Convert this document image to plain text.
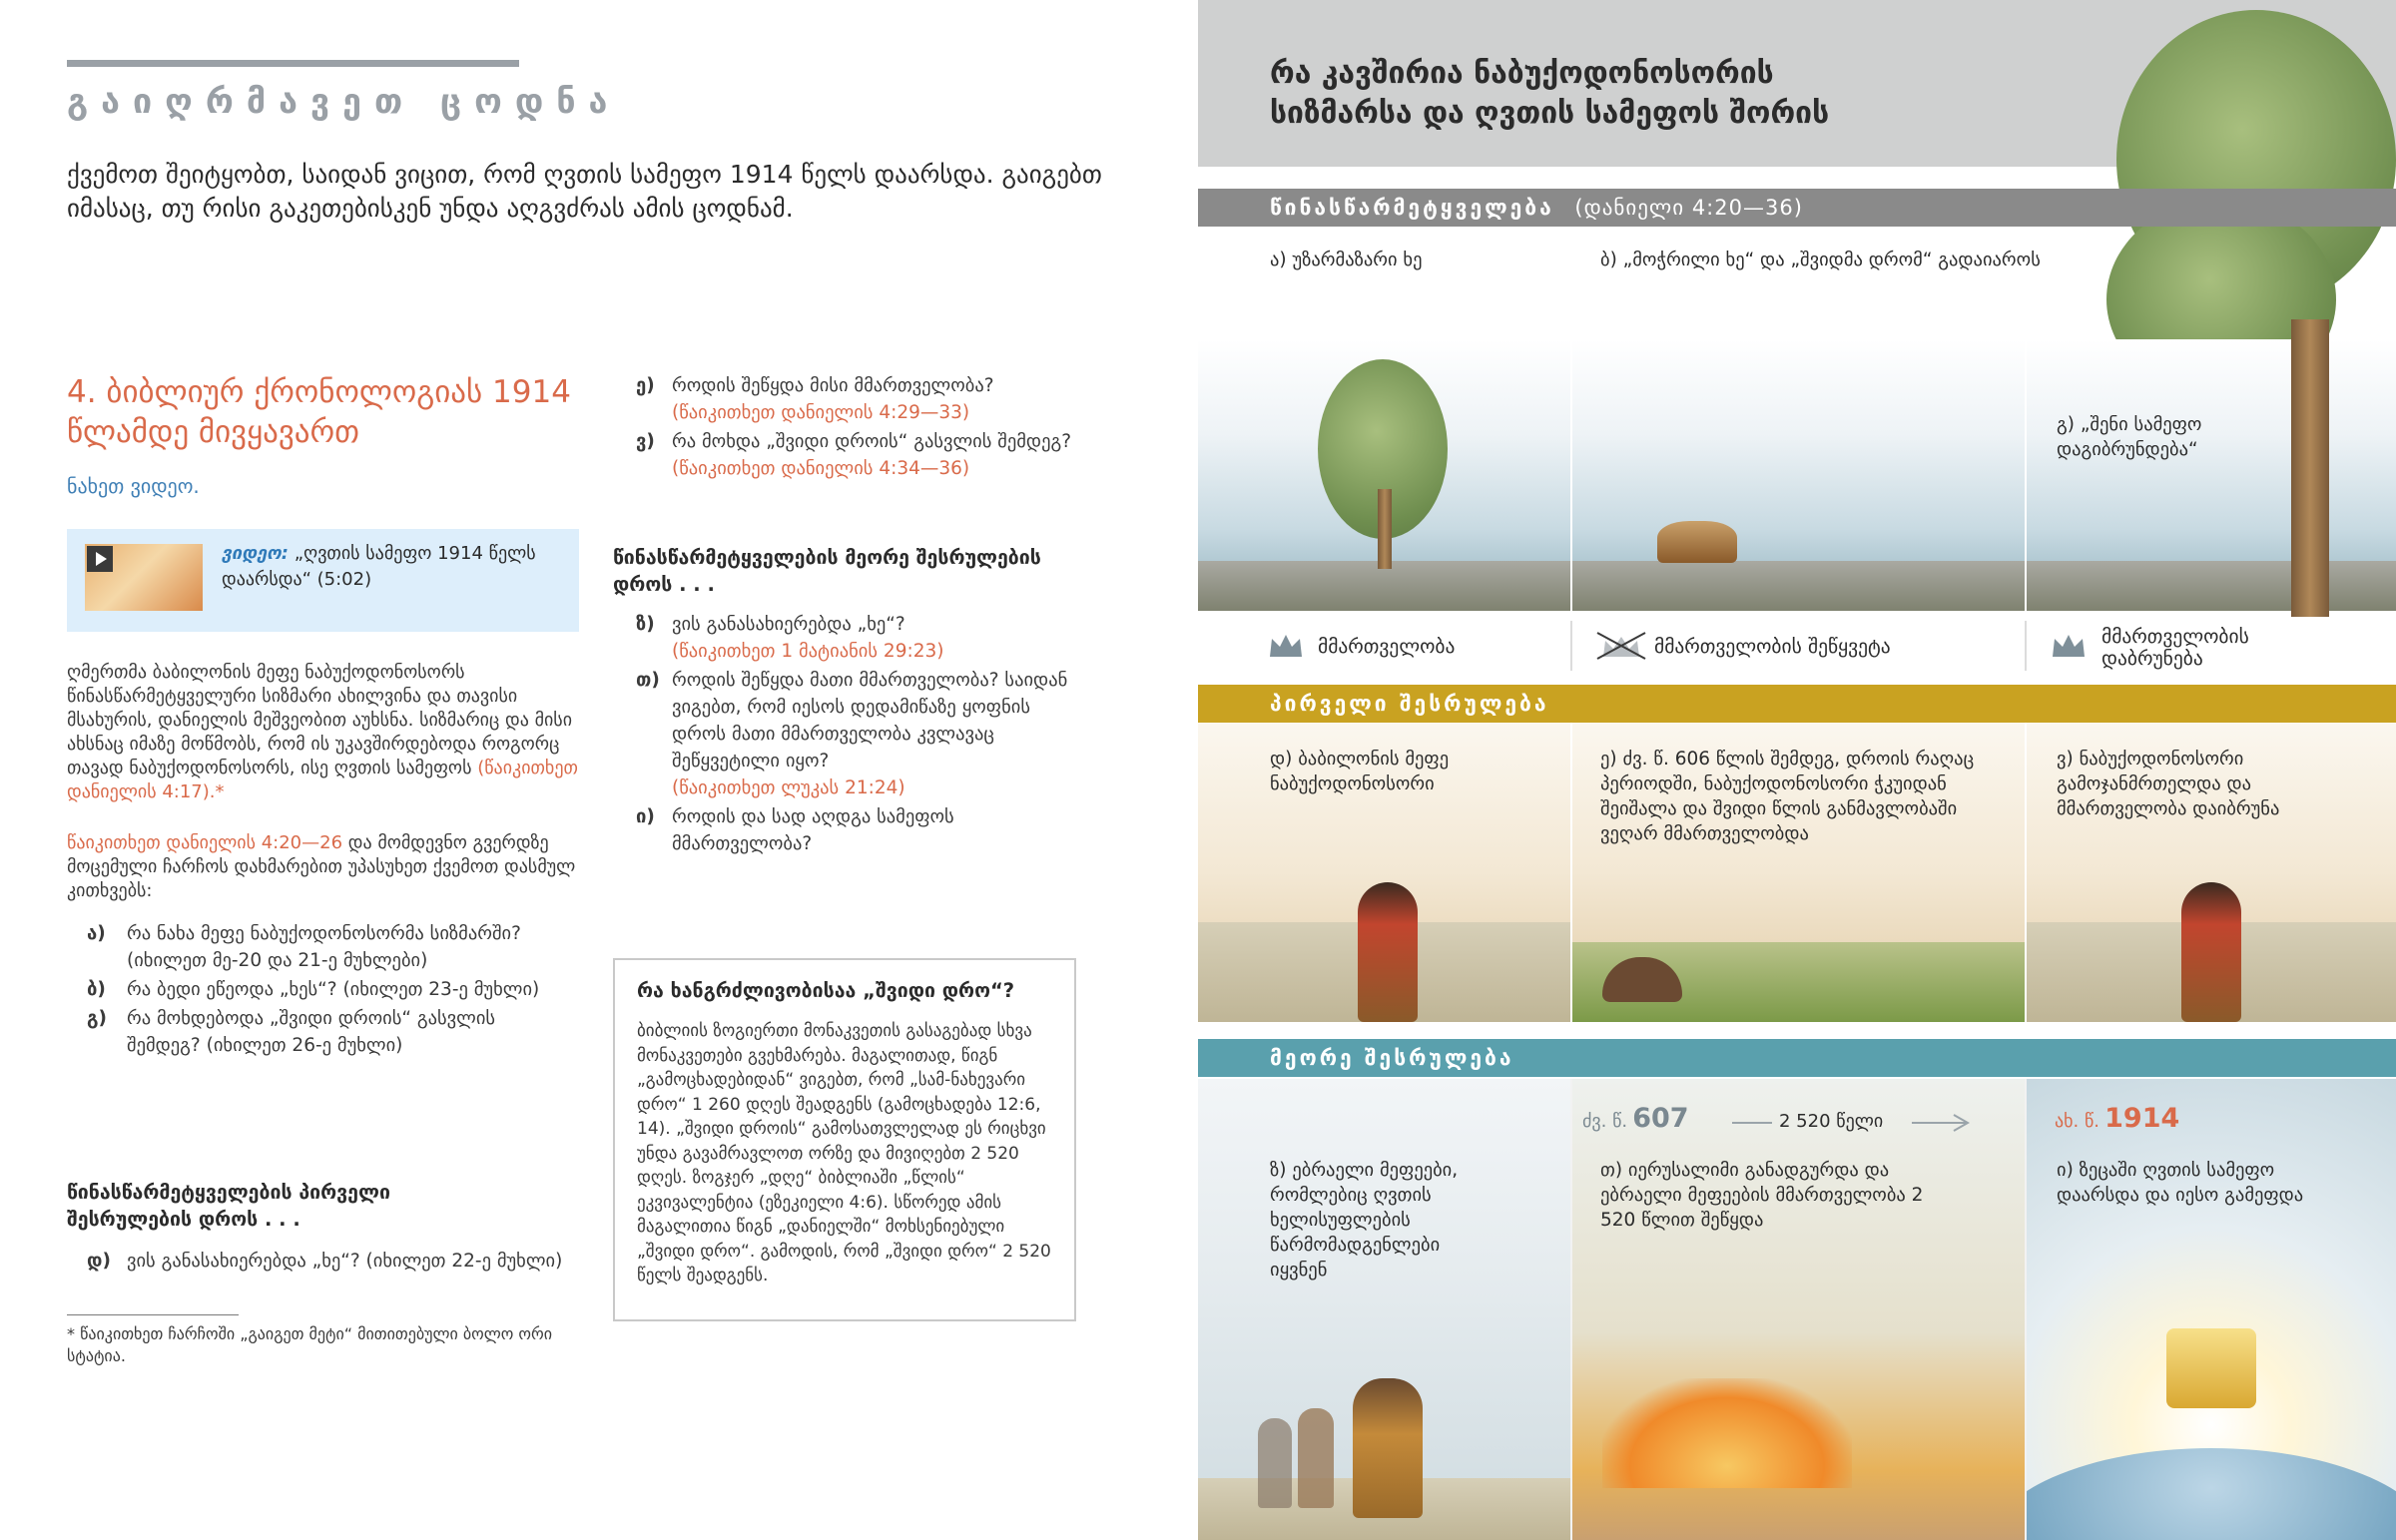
გაიღრმავეთ ცოდნა
ქვემოთ შეიტყობთ, საიდან ვიცით, რომ ღვთის სამეფო 1914 წელს დაარსდა. გაიგებთ იმასაც, თუ რისი გაკეთებისკენ უნდა აღგვძრას ამის ცოდნამ.
4. ბიბლიურ ქრონოლოგიას 1914 წლამდე მივყავართ
ნახეთ ვიდეო.
ვიდეო: „ღვთის სამეფო 1914 წელს დაარსდა“ (5:02)
ღმერთმა ბაბილონის მეფე ნაბუქოდონოსორს წინასწარმეტყველური სიზმარი ახილვინა და თავისი მსახურის, დანიელის მეშვეობით აუხსნა. სიზმარიც და მისი ახსნაც იმაზე მოწმობს, რომ ის უკავშირდებოდა როგორც თავად ნაბუქოდონოსორს, ისე ღვთის სამეფოს (წაიკითხეთ დანიელის 4:17).*
წაიკითხეთ დანიელის 4:20—26 და მომდევნო გვერდზე მოცემული ჩარჩოს დახმარებით უპასუხეთ ქვემოთ დასმულ კითხვებს:
ა)	რა ნახა მეფე ნაბუქოდონოსორმა სიზმარში? (იხილეთ მე-20 და 21-ე მუხლები)
ბ)	რა ბედი ეწეოდა „ხეს“? (იხილეთ 23-ე მუხლი)
გ)	რა მოხდებოდა „შვიდი დროის“ გასვლის შემდეგ? (იხილეთ 26-ე მუხლი)
წინასწარმეტყველების პირველი შესრულების დროს . . .
დ) ვის განასახიერებდა „ხე“? (იხილეთ 22-ე მუხლი)
* წაიკითხეთ ჩარჩოში „გაიგეთ მეტი“ მითითებული ბოლო ორი სტატია.
ე) როდის შეწყდა მისი მმართველობა?
(წაიკითხეთ დანიელის 4:29—33)
ვ) რა მოხდა „შვიდი დროის“ გასვლის შემდეგ?
(წაიკითხეთ დანიელის 4:34—36)
წინასწარმეტყველების მეორე შესრულების დროს . . .
ზ) ვის განასახიერებდა „ხე“?
(წაიკითხეთ 1 მატიანის 29:23)
თ) როდის შეწყდა მათი მმართველობა? საიდან ვიგებთ, რომ იესოს დედამიწაზე ყოფნის დროს მათი მმართველობა კვლავაც შეწყვეტილი იყო?
(წაიკითხეთ ლუკას 21:24)
ი) როდის და სად აღდგა სამეფოს მმართველობა?
რა ხანგრძლივობისაა „შვიდი დრო“?
ბიბლიის ზოგიერთი მონაკვეთის გასაგებად სხვა მონაკვეთები გვეხმარება. მაგალითად, წიგნ „გამოცხადებიდან“ ვიგებთ, რომ „სამ-ნახევარი დრო“ 1 260 დღეს შეადგენს (გამოცხადება 12:6, 14). „შვიდი დროის“ გამოსათვლელად ეს რიცხვი უნდა გავამრავლოთ ორზე და მივიღებთ 2 520 დღეს. ზოგჯერ „დღე“ ბიბლიაში „წლის“ ეკვივალენტია (ეზეკიელი 4:6). სწორედ ამის მაგალითია წიგნ „დანიელში“ მოხსენიებული „შვიდი დრო“. გამოდის, რომ „შვიდი დრო“ 2 520 წელს შეადგენს.
რა კავშირია ნაბუქოდონოსორის
სიზმარსა და ღვთის სამეფოს შორის
წინასწარმეტყველება (დანიელი 4:20—36)
ა) უზარმაზარი ხე	ბ) „მოჭრილი ხე“ და „შვიდმა დრომ“ გადაიაროს
გ) „შენი სამეფო დაგიბრუნდება“
მმართველობა	მმართველობის შეწყვეტა	მმართველობის დაბრუნება
პირველი შესრულება
დ) ბაბილონის მეფე ნაბუქოდონოსორი
ე) ძვ. წ. 606 წლის შემდეგ, დროის რაღაც პერიოდში, ნაბუქოდონოსორი ჭკუიდან შეიშალა და შვიდი წლის განმავლობაში ვეღარ მმართველობდა
ვ) ნაბუქოდონოსორი გამოჯანმრთელდა და მმართველობა დაიბრუნა
მეორე შესრულება
ძვ. წ. 607	2 520 წელი	ახ. წ. 1914
ზ) ებრაელი მეფეები, რომლებიც ღვთის ხელისუფლების წარმომადგენლები იყვნენ
თ) იერუსალიმი განადგურდა და ებრაელი მეფეების მმართველობა 2 520 წლით შეწყდა
ი) ზეცაში ღვთის სამეფო დაარსდა და იესო გამეფდა
